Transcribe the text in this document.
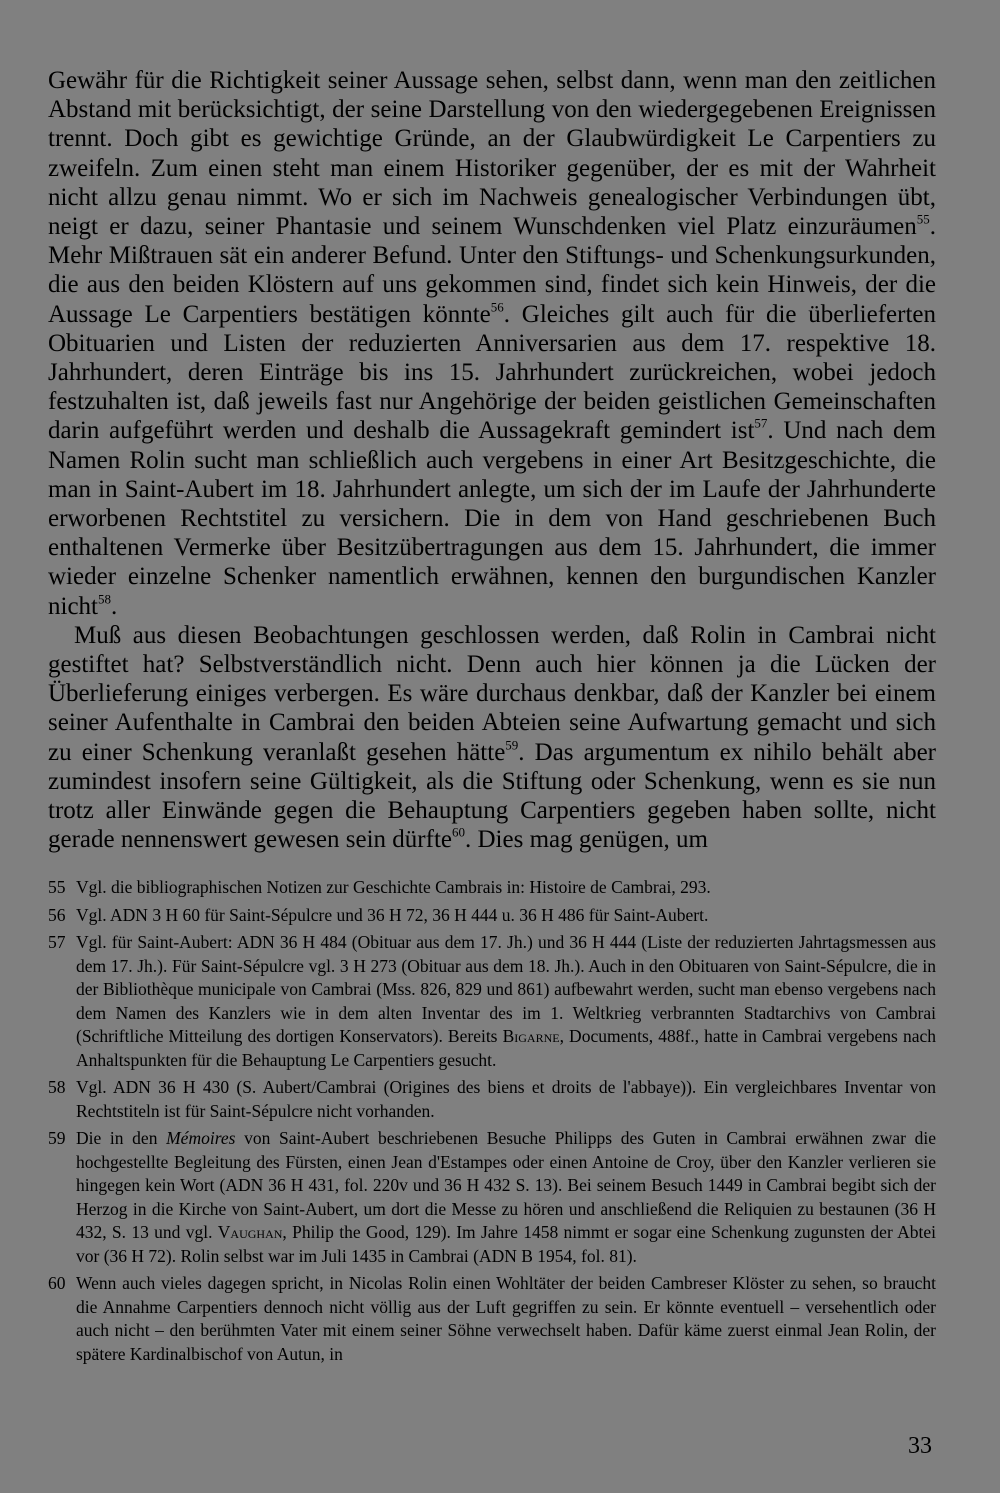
Gewähr für die Richtigkeit seiner Aussage sehen, selbst dann, wenn man den zeitlichen Abstand mit berücksichtigt, der seine Darstellung von den wiedergegebenen Ereignissen trennt. Doch gibt es gewichtige Gründe, an der Glaubwürdigkeit Le Carpentiers zu zweifeln. Zum einen steht man einem Historiker gegenüber, der es mit der Wahrheit nicht allzu genau nimmt. Wo er sich im Nachweis genealogischer Verbindungen übt, neigt er dazu, seiner Phantasie und seinem Wunschdenken viel Platz einzuräumen$^{55}$. Mehr Mißtrauen sät ein anderer Befund. Unter den Stiftungs- und Schenkungsurkunden, die aus den beiden Klöstern auf uns gekommen sind, findet sich kein Hinweis, der die Aussage Le Carpentiers bestätigen könnte$^{56}$. Gleiches gilt auch für die überlieferten Obituarien und Listen der reduzierten Anniversarien aus dem 17. respektive 18. Jahrhundert, deren Einträge bis ins 15. Jahrhundert zurückreichen, wobei jedoch festzuhalten ist, daß jeweils fast nur Angehörige der beiden geistlichen Gemeinschaften darin aufgeführt werden und deshalb die Aussagekraft gemindert ist$^{57}$. Und nach dem Namen Rolin sucht man schließlich auch vergebens in einer Art Besitzgeschichte, die man in Saint-Aubert im 18. Jahrhundert anlegte, um sich der im Laufe der Jahrhunderte erworbenen Rechtstitel zu versichern. Die in dem von Hand geschriebenen Buch enthaltenen Vermerke über Besitzübertragungen aus dem 15. Jahrhundert, die immer wieder einzelne Schenker namentlich erwähnen, kennen den burgundischen Kanzler nicht$^{58}$.

Muß aus diesen Beobachtungen geschlossen werden, daß Rolin in Cambrai nicht gestiftet hat? Selbstverständlich nicht. Denn auch hier können ja die Lücken der Überlieferung einiges verbergen. Es wäre durchaus denkbar, daß der Kanzler bei einem seiner Aufenthalte in Cambrai den beiden Abteien seine Aufwartung gemacht und sich zu einer Schenkung veranlaßt gesehen hätte$^{59}$. Das argumentum ex nihilo behält aber zumindest insofern seine Gültigkeit, als die Stiftung oder Schenkung, wenn es sie nun trotz aller Einwände gegen die Behauptung Carpentiers gegeben haben sollte, nicht gerade nennenswert gewesen sein dürfte$^{60}$. Dies mag genügen, um

55 Vgl. die bibliographischen Notizen zur Geschichte Cambrais in: Histoire de Cambrai, 293.
56 Vgl. ADN 3 H 60 für Saint-Sépulcre und 36 H 72, 36 H 444 u. 36 H 486 für Saint-Aubert.
57 Vgl. für Saint-Aubert: ADN 36 H 484 (Obituar aus dem 17. Jh.) und 36 H 444 (Liste der reduzierten Jahrtagsmessen aus dem 17. Jh.). Für Saint-Sépulcre vgl. 3 H 273 (Obituar aus dem 18. Jh.). Auch in den Obituaren von Saint-Sépulcre, die in der Bibliothèque municipale von Cambrai (Mss. 826, 829 und 861) aufbewahrt werden, sucht man ebenso vergebens nach dem Namen des Kanzlers wie in dem alten Inventar des im 1. Weltkrieg verbrannten Stadtarchivs von Cambrai (Schriftliche Mitteilung des dortigen Konservators). Bereits Bigarne, Documents, 488f., hatte in Cambrai vergebens nach Anhaltspunkten für die Behauptung Le Carpentiers gesucht.
58 Vgl. ADN 36 H 430 (S. Aubert/Cambrai (Origines des biens et droits de l'abbaye)). Ein vergleichbares Inventar von Rechtstiteln ist für Saint-Sépulcre nicht vorhanden.
59 Die in den Mémoires von Saint-Aubert beschriebenen Besuche Philipps des Guten in Cambrai erwähnen zwar die hochgestellte Begleitung des Fürsten, einen Jean d'Estampes oder einen Antoine de Croy, über den Kanzler verlieren sie hingegen kein Wort (ADN 36 H 431, fol. 220v und 36 H 432 S. 13). Bei seinem Besuch 1449 in Cambrai begibt sich der Herzog in die Kirche von Saint-Aubert, um dort die Messe zu hören und anschließend die Reliquien zu bestaunen (36 H 432, S. 13 und vgl. Vaughan, Philip the Good, 129). Im Jahre 1458 nimmt er sogar eine Schenkung zugunsten der Abtei vor (36 H 72). Rolin selbst war im Juli 1435 in Cambrai (ADN B 1954, fol. 81).
60 Wenn auch vieles dagegen spricht, in Nicolas Rolin einen Wohltäter der beiden Cambreser Klöster zu sehen, so braucht die Annahme Carpentiers dennoch nicht völlig aus der Luft gegriffen zu sein. Er könnte eventuell – versehentlich oder auch nicht – den berühmten Vater mit einem seiner Söhne verwechselt haben. Dafür käme zuerst einmal Jean Rolin, der spätere Kardinalbischof von Autun, in
33
